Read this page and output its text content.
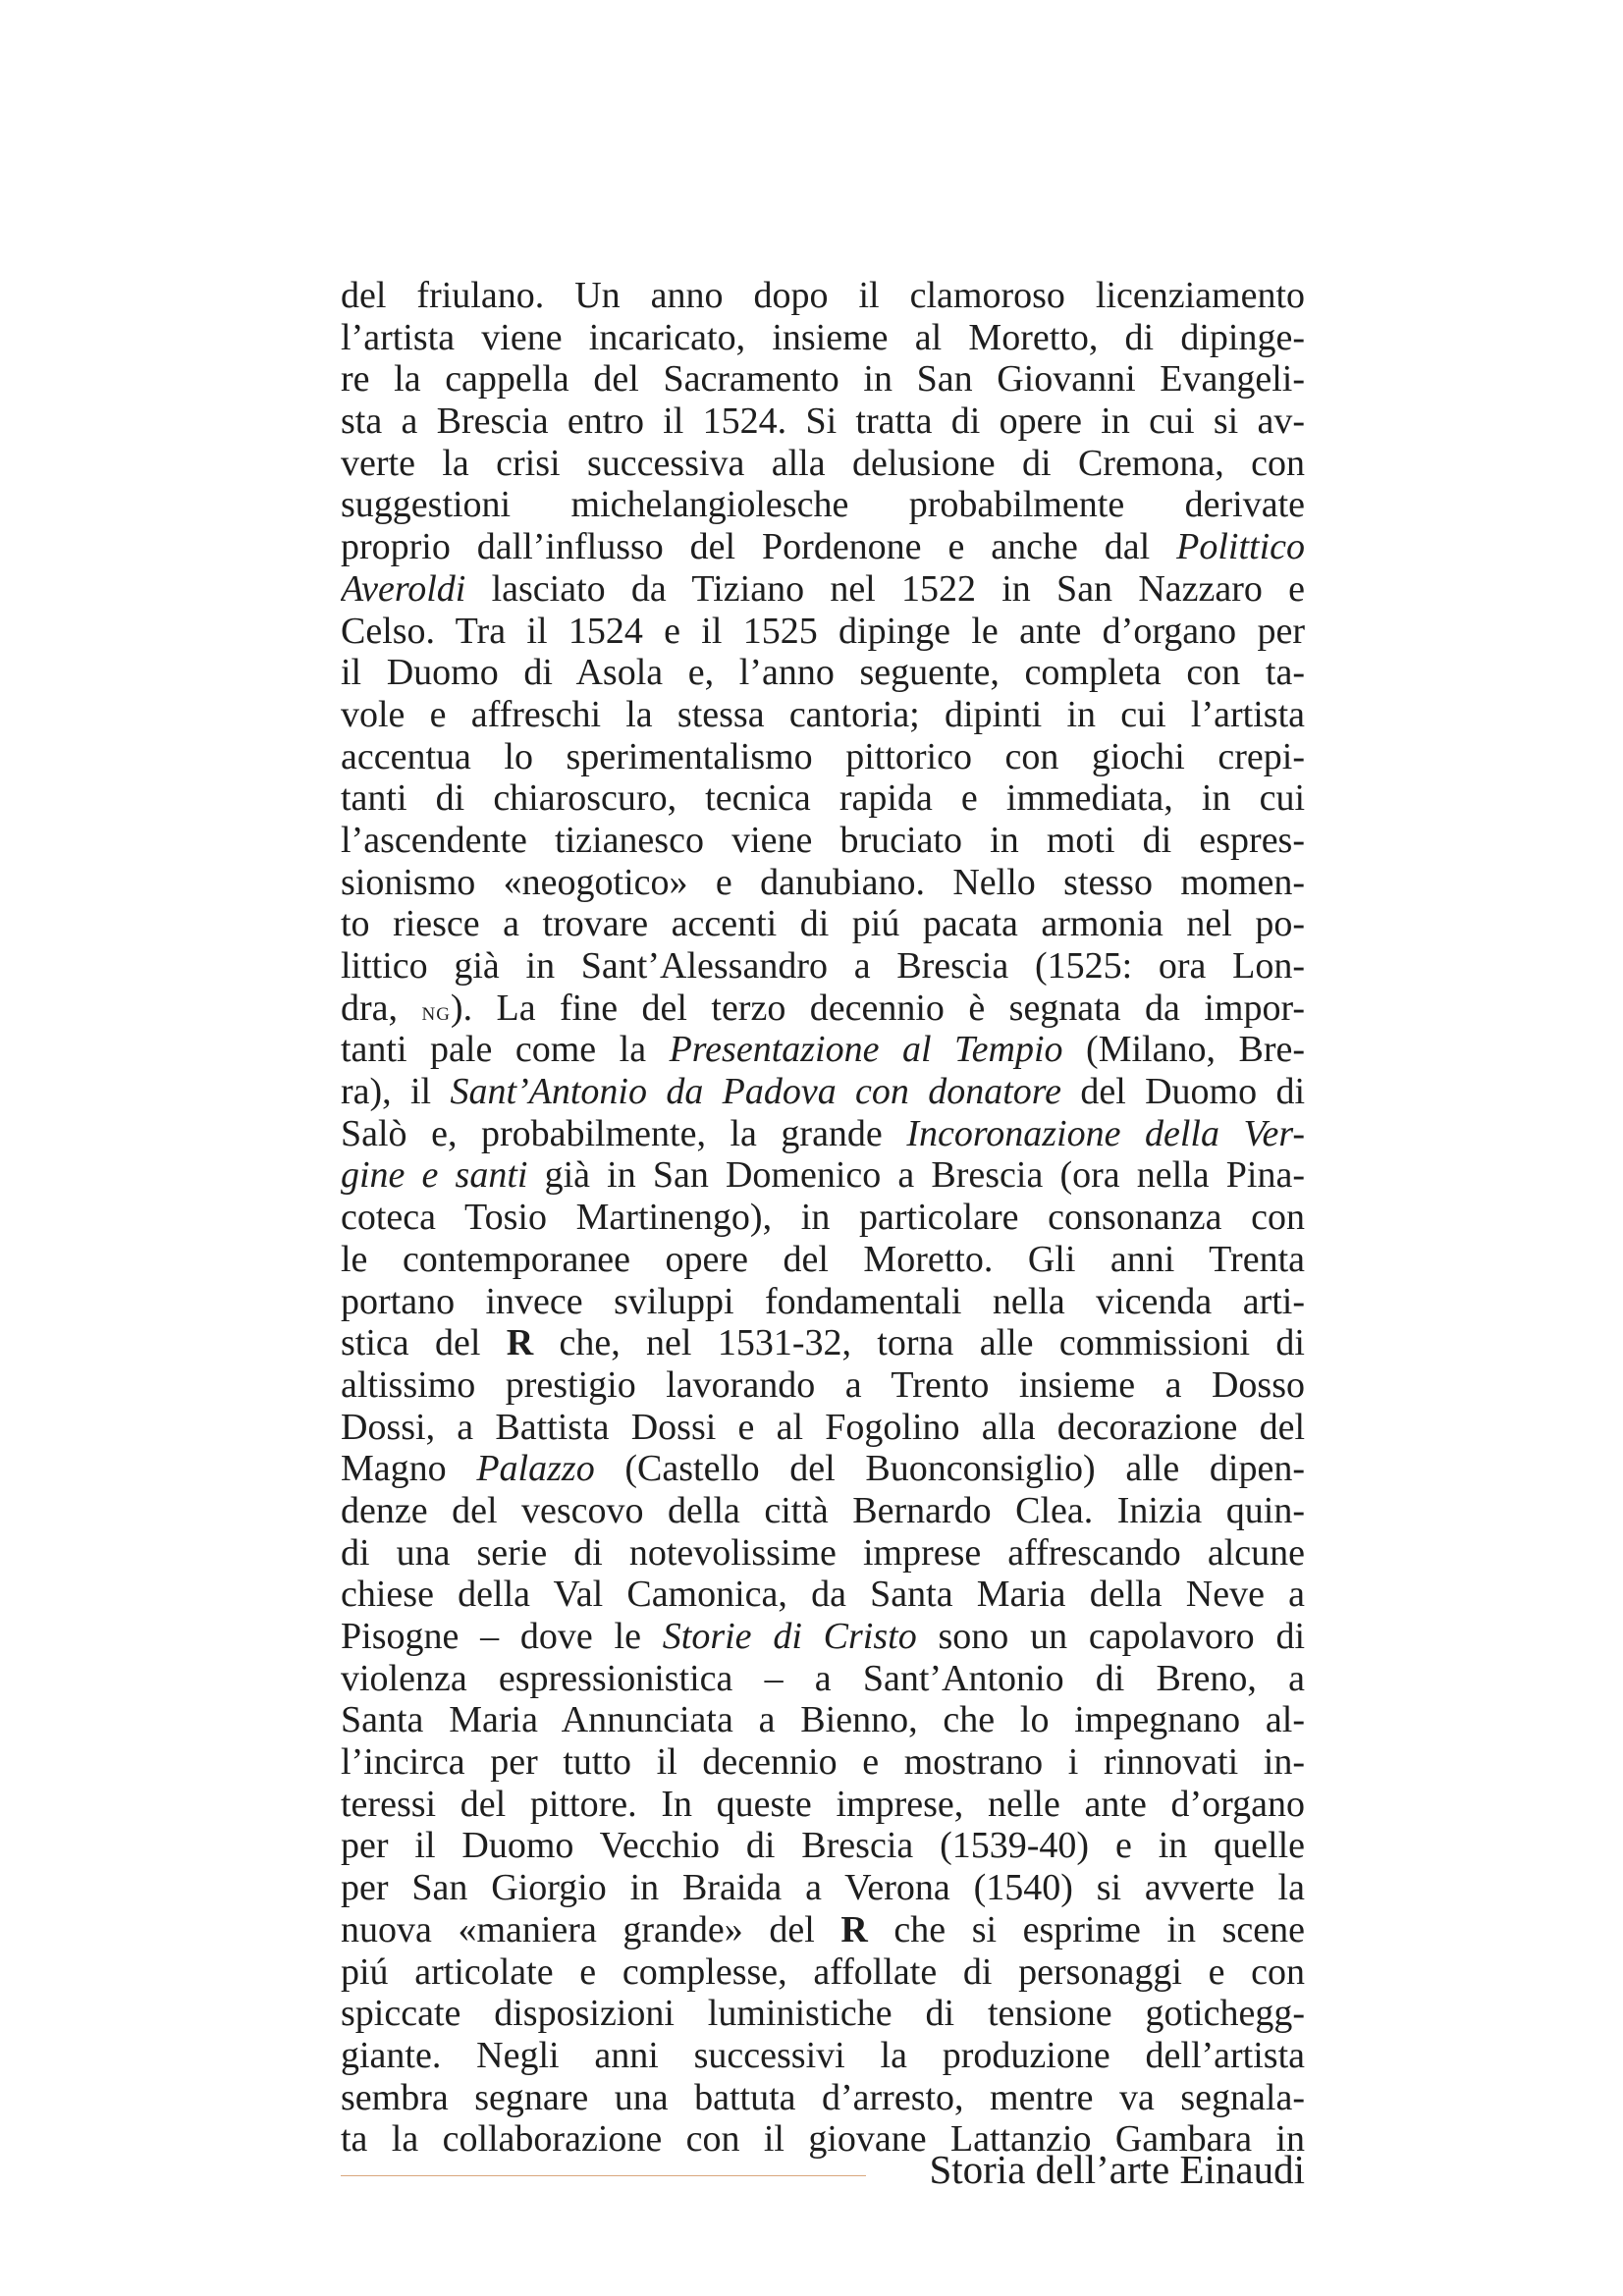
del friulano. Un anno dopo il clamoroso licenziamento
l’artista viene incaricato, insieme al Moretto, di dipinge-
re la cappella del Sacramento in San Giovanni Evangeli-
sta a Brescia entro il 1524. Si tratta di opere in cui si av-
verte la crisi successiva alla delusione di Cremona, con
suggestioni michelangiolesche probabilmente derivate
proprio dall’influsso del Pordenone e anche dal Polittico
Averoldi lasciato da Tiziano nel 1522 in San Nazzaro e
Celso. Tra il 1524 e il 1525 dipinge le ante d’organo per
il Duomo di Asola e, l’anno seguente, completa con ta-
vole e affreschi la stessa cantoria; dipinti in cui l’artista
accentua lo sperimentalismo pittorico con giochi crepi-
tanti di chiaroscuro, tecnica rapida e immediata, in cui
l’ascendente tizianesco viene bruciato in moti di espres-
sionismo «neogotico» e danubiano. Nello stesso momen-
to riesce a trovare accenti di piú pacata armonia nel po-
littico già in Sant’Alessandro a Brescia (1525: ora Lon-
dra, ng). La fine del terzo decennio è segnata da impor-
tanti pale come la Presentazione al Tempio (Milano, Bre-
ra), il Sant’Antonio da Padova con donatore del Duomo di
Salò e, probabilmente, la grande Incoronazione della Ver-
gine e santi già in San Domenico a Brescia (ora nella Pina-
coteca Tosio Martinengo), in particolare consonanza con
le contemporanee opere del Moretto. Gli anni Trenta
portano invece sviluppi fondamentali nella vicenda arti-
stica del R che, nel 1531-32, torna alle commissioni di
altissimo prestigio lavorando a Trento insieme a Dosso
Dossi, a Battista Dossi e al Fogolino alla decorazione del
Magno Palazzo (Castello del Buonconsiglio) alle dipen-
denze del vescovo della città Bernardo Clea. Inizia quin-
di una serie di notevolissime imprese affrescando alcune
chiese della Val Camonica, da Santa Maria della Neve a
Pisogne – dove le Storie di Cristo sono un capolavoro di
violenza espressionistica – a Sant’Antonio di Breno, a
Santa Maria Annunciata a Bienno, che lo impegnano al-
l’incirca per tutto il decennio e mostrano i rinnovati in-
teressi del pittore. In queste imprese, nelle ante d’organo
per il Duomo Vecchio di Brescia (1539-40) e in quelle
per San Giorgio in Braida a Verona (1540) si avverte la
nuova «maniera grande» del R che si esprime in scene
piú articolate e complesse, affollate di personaggi e con
spiccate disposizioni luministiche di tensione gotichegg-
giante. Negli anni successivi la produzione dell’artista
sembra segnare una battuta d’arresto, mentre va segnala-
ta la collaborazione con il giovane Lattanzio Gambara in
Storia dell’arte Einaudi
